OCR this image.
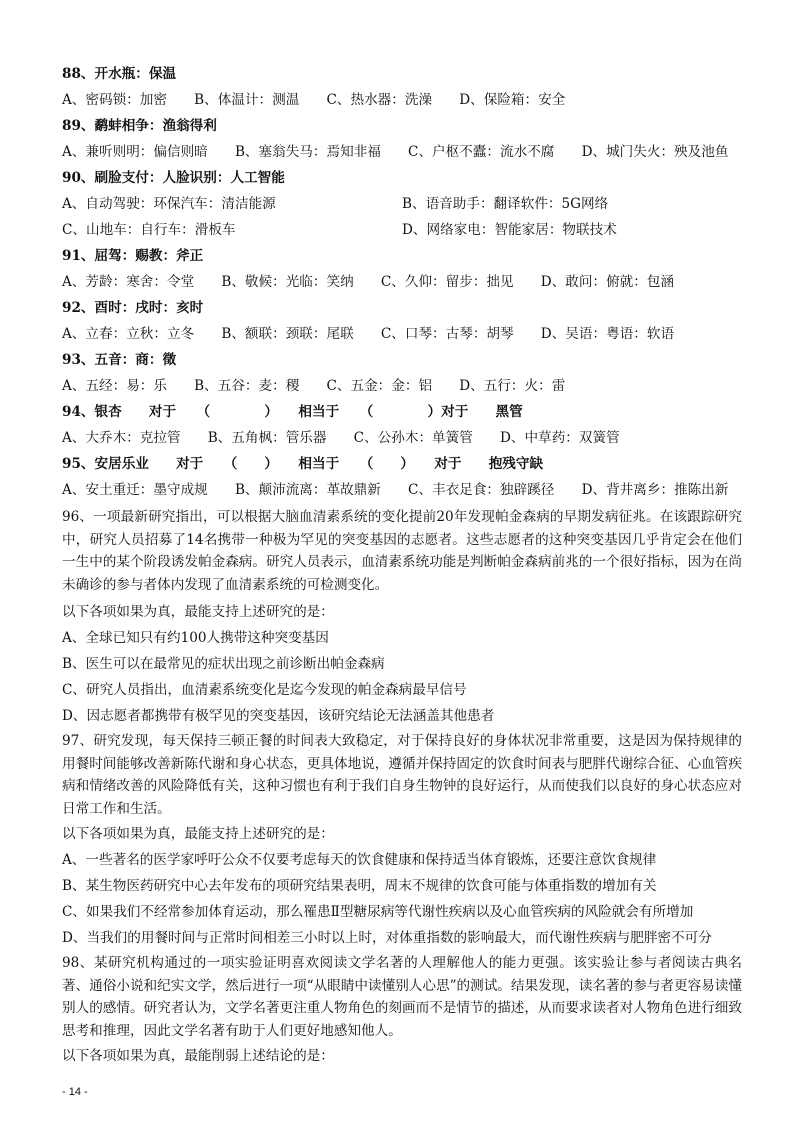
88、开水瓶：保温
A、密码锁：加密　　B、体温计：测温　　C、热水器：洗澡　　D、保险箱：安全
89、鹬蚌相争：渔翁得利
A、兼听则明：偏信则暗　　B、塞翁失马：焉知非福　　C、户枢不蠹：流水不腐　　D、城门失火：殃及池鱼
90、刷脸支付：人脸识别：人工智能
A、自动驾驶：环保汽车：清洁能源	B、语音助手：翻译软件：5G网络
C、山地车：自行车：滑板车	D、网络家电：智能家居：物联技术
91、屈驾：赐教：斧正
A、芳龄：寒舍：令堂　　B、敬候：光临：笑纳　　C、久仰：留步：拙见　　D、敢问：俯就：包涵
92、酉时：戌时：亥时
A、立春：立秋：立冬　　B、额联：颈联：尾联　　C、口琴：古琴：胡琴　　D、吴语：粤语：软语
93、五音：商：徵
A、五经：易：乐　　B、五谷：麦：稷　　C、五金：金：铝　　D、五行：火：雷
94、银杏　　对于　　（　　　　）　　相当于　　（　　　　）对于　　黑管
A、大乔木：克拉管　　B、五角枫：管乐器　　C、公孙木：单簧管　　D、中草药：双簧管
95、安居乐业　　对于　　（　　）　　相当于　　（　　）　　对于　　抱残守缺
A、安土重迁：墨守成规　　B、颠沛流离：革故鼎新　　C、丰衣足食：独辟蹊径　　D、背井离乡：推陈出新
96、一项最新研究指出，可以根据大脑血清素系统的变化提前20年发现帕金森病的早期发病征兆。在该跟踪研究中，研究人员招募了14名携带一种极为罕见的突变基因的志愿者。这些志愿者的这种突变基因几乎肯定会在他们一生中的某个阶段诱发帕金森病。研究人员表示，血清素系统功能是判断帕金森病前兆的一个很好指标，因为在尚未确诊的参与者体内发现了血清素系统的可检测变化。
以下各项如果为真，最能支持上述研究的是：
A、全球已知只有约100人携带这种突变基因
B、医生可以在最常见的症状出现之前诊断出帕金森病
C、研究人员指出，血清素系统变化是迄今发现的帕金森病最早信号
D、因志愿者都携带有极罕见的突变基因，该研究结论无法涵盖其他患者
97、研究发现，每天保持三顿正餐的时间表大致稳定，对于保持良好的身体状况非常重要，这是因为保持规律的用餐时间能够改善新陈代谢和身心状态，更具体地说，遵循并保持固定的饮食时间表与肥胖代谢综合征、心血管疾病和情绪改善的风险降低有关，这种习惯也有利于我们自身生物钟的良好运行，从而使我们以良好的身心状态应对日常工作和生活。
以下各项如果为真，最能支持上述研究的是：
A、一些著名的医学家呼吁公众不仅要考虑每天的饮食健康和保持适当体育锻炼，还要注意饮食规律
B、某生物医药研究中心去年发布的项研究结果表明，周末不规律的饮食可能与体重指数的增加有关
C、如果我们不经常参加体育运动，那么罹患Ⅱ型糖尿病等代谢性疾病以及心血管疾病的风险就会有所增加
D、当我们的用餐时间与正常时间相差三小时以上时，对体重指数的影响最大，而代谢性疾病与肥胖密不可分
98、某研究机构通过的一项实验证明喜欢阅读文学名著的人理解他人的能力更强。该实验让参与者阅读古典名著、通俗小说和纪实文学，然后进行一项“从眼睛中读懂别人心思”的测试。结果发现，读名著的参与者更容易读懂别人的感情。研究者认为，文学名著更注重人物角色的刻画而不是情节的描述，从而要求读者对人物角色进行细致思考和推理，因此文学名著有助于人们更好地感知他人。
以下各项如果为真，最能削弱上述结论的是：
- 14 -
